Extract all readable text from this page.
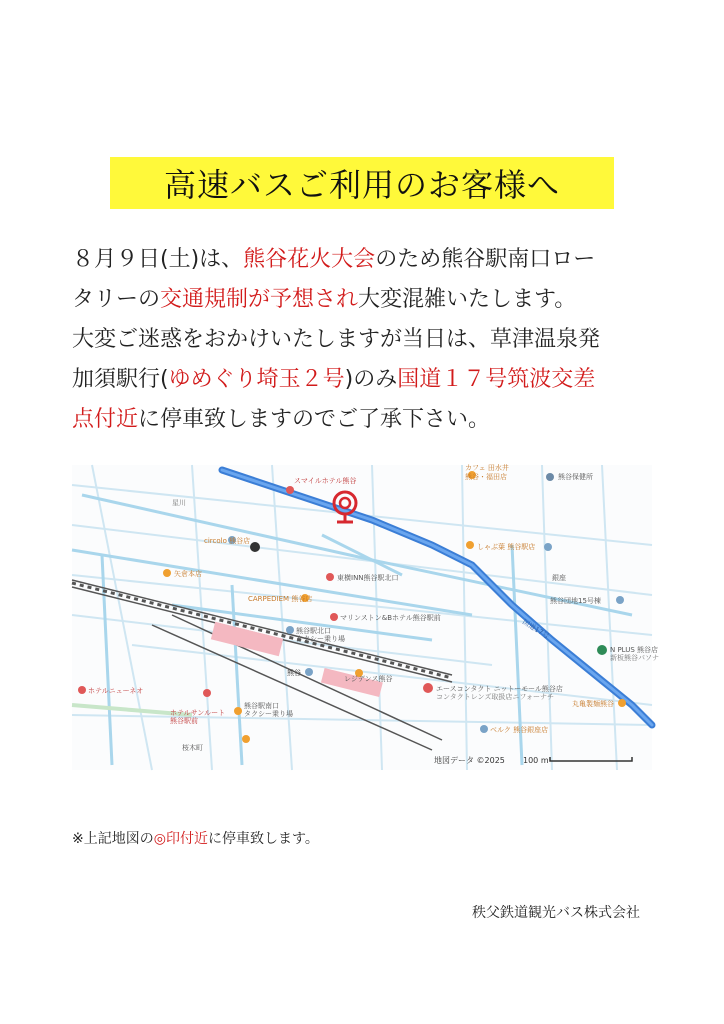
高速バスご利用のお客様へ
８月９日(土)は、熊谷花火大会のため熊谷駅南口ロー
タリーの交通規制が予想され大変混雑いたします。
大変ご迷惑をおかけいたしますが当日は、草津温泉発
加須駅行(ゆめぐり埼玉２号)のみ国道１７号筑波交差
点付近に停車致しますのでご了承下さい。
スマイルホテル熊谷
星川
カフェ 田水井
熊谷・福田店	熊谷保健所
circolo 熊谷店
東横INN熊谷駅北口
矢倉本店
CARPEDIEM 熊谷店
しゃぶ葉 熊谷駅店
銀座
熊谷団地15号棟
N PLUS 熊谷店
新板熊谷パソナ
丸亀製麺熊谷
マリンストン&Bホテル熊谷駅前
熊谷駅北口
タクシー乗り場
熊谷
レジデンス熊谷
エースコンタクト ニットーモール熊谷店
コンタクトレンズ取扱店ニフォーナチ
ホテルニューネオ
ホテルサンルート
熊谷駅前
熊谷駅南口
タクシー乗り場
ベルク 熊谷銀座店
桜木町
国道17号
地図データ ©2025 100 m
※上記地図の◎印付近に停車致します。
秩父鉄道観光バス株式会社
